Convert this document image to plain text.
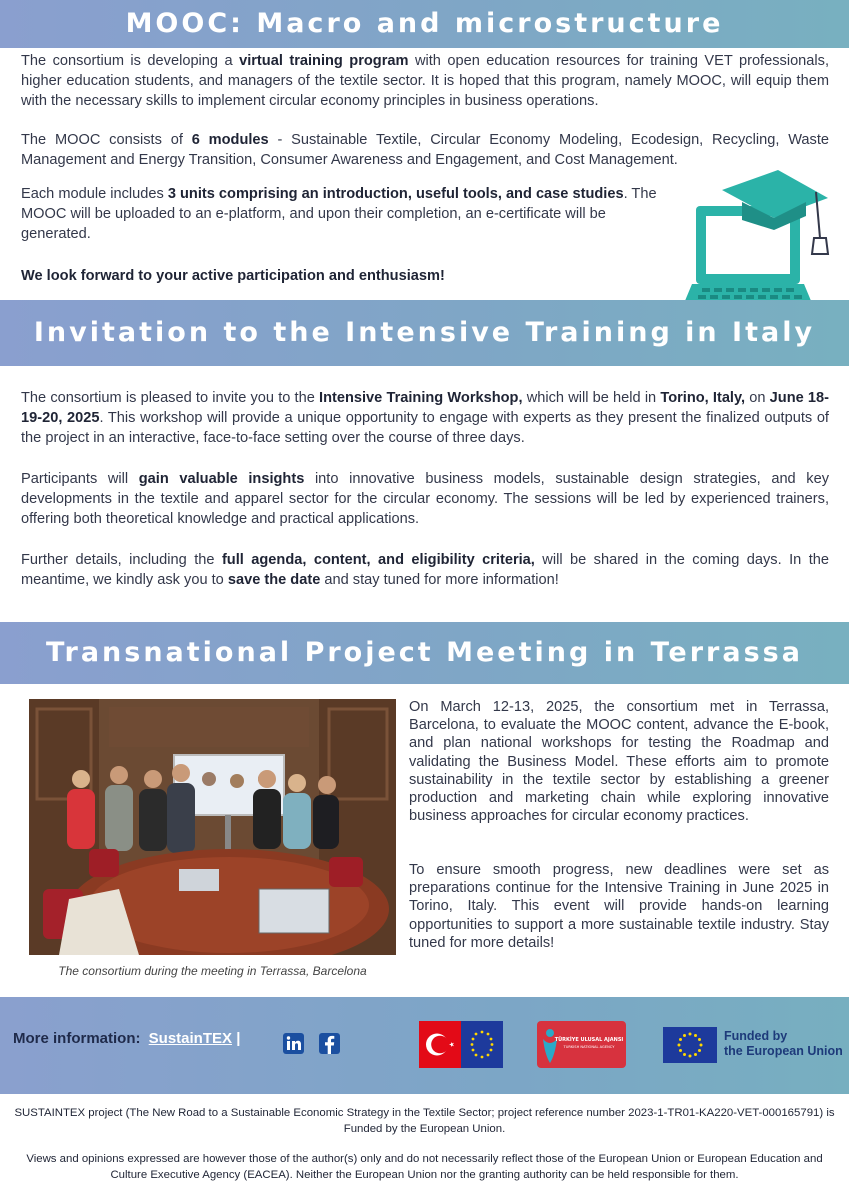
MOOC: Macro and microstructure

The consortium is developing a virtual training program with open education resources for training VET professionals, higher education students, and managers of the textile sector. It is hoped that this program, namely MOOC, will equip them with the necessary skills to implement circular economy principles in business operations.

The MOOC consists of 6 modules - Sustainable Textile, Circular Economy Modeling, Ecodesign, Recycling, Waste Management and Energy Transition, Consumer Awareness and Engagement, and Cost Management.

Each module includes 3 units comprising an introduction, useful tools, and case studies. The MOOC will be uploaded to an e-platform, and upon their completion, an e-certificate will be generated.

We look forward to your active participation and enthusiasm!

Invitation to the Intensive Training in Italy

The consortium is pleased to invite you to the Intensive Training Workshop, which will be held in Torino, Italy, on June 18-19-20, 2025. This workshop will provide a unique opportunity to engage with experts as they present the finalized outputs of the project in an interactive, face-to-face setting over the course of three days.

Participants will gain valuable insights into innovative business models, sustainable design strategies, and key developments in the textile and apparel sector for the circular economy. The sessions will be led by experienced trainers, offering both theoretical knowledge and practical applications.

Further details, including the full agenda, content, and eligibility criteria, will be shared in the coming days. In the meantime, we kindly ask you to save the date and stay tuned for more information!

Transnational Project Meeting in Terrassa
The consortium during the meeting in Terrassa, Barcelona

On March 12-13, 2025, the consortium met in Terrassa, Barcelona, to evaluate the MOOC content, advance the E-book, and plan national workshops for testing the Roadmap and validating the Business Model. These efforts aim to promote sustainability in the textile sector by establishing a greener production and marketing chain while exploring innovative business approaches for circular economy practices.

To ensure smooth progress, new deadlines were set as preparations continue for the Intensive Training in June 2025 in Torino, Italy. This event will provide hands-on learning opportunities to support a more sustainable textile industry. Stay tuned for more details!

More information: SustainTEX |	TÜRKİYE ULUSAL AJANSI
TURKISH NATIONAL AGENCY
Funded by
the European Union
SUSTAINTEX project (The New Road to a Sustainable Economic Strategy in the Textile Sector; project reference number 2023-1-TR01-KA220-VET-000165791) is Funded by the European Union.
Views and opinions expressed are however those of the author(s) only and do not necessarily reflect those of the European Union or European Education and Culture Executive Agency (EACEA). Neither the European Union nor the granting authority can be held responsible for them.
